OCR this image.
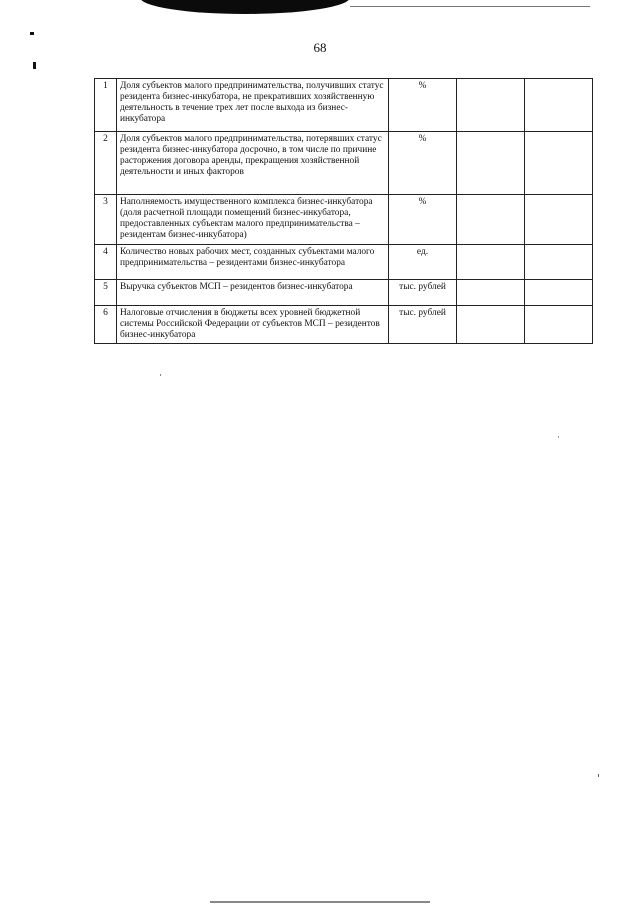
68
1	Доля субъектов малого предпринимательства, получивших статус резидента бизнес-инкубатора, не прекративших хозяйственную деятельность в течение трех лет после выхода из бизнес-инкубатора	%		
2	Доля субъектов малого предпринимательства, потерявших статус резидента бизнес-инкубатора досрочно, в том числе по причине расторжения договора аренды, прекращения хозяйственной деятельности и иных факторов	%		
3	Наполняемость имущественного комплекса бизнес-инкубатора (доля расчетной площади помещений бизнес-инкубатора, предоставленных субъектам малого предпринимательства – резидентам бизнес-инкубатора)	%		
4	Количество новых рабочих мест, созданных субъектами малого предпринимательства – резидентами бизнес-инкубатора	ед.		
5	Выручка субъектов МСП – резидентов бизнес-инкубатора	тыс. рублей		
6	Налоговые отчисления в бюджеты всех уровней бюджетной системы Российской Федерации от субъектов МСП – резидентов бизнес-инкубатора	тыс. рублей		
